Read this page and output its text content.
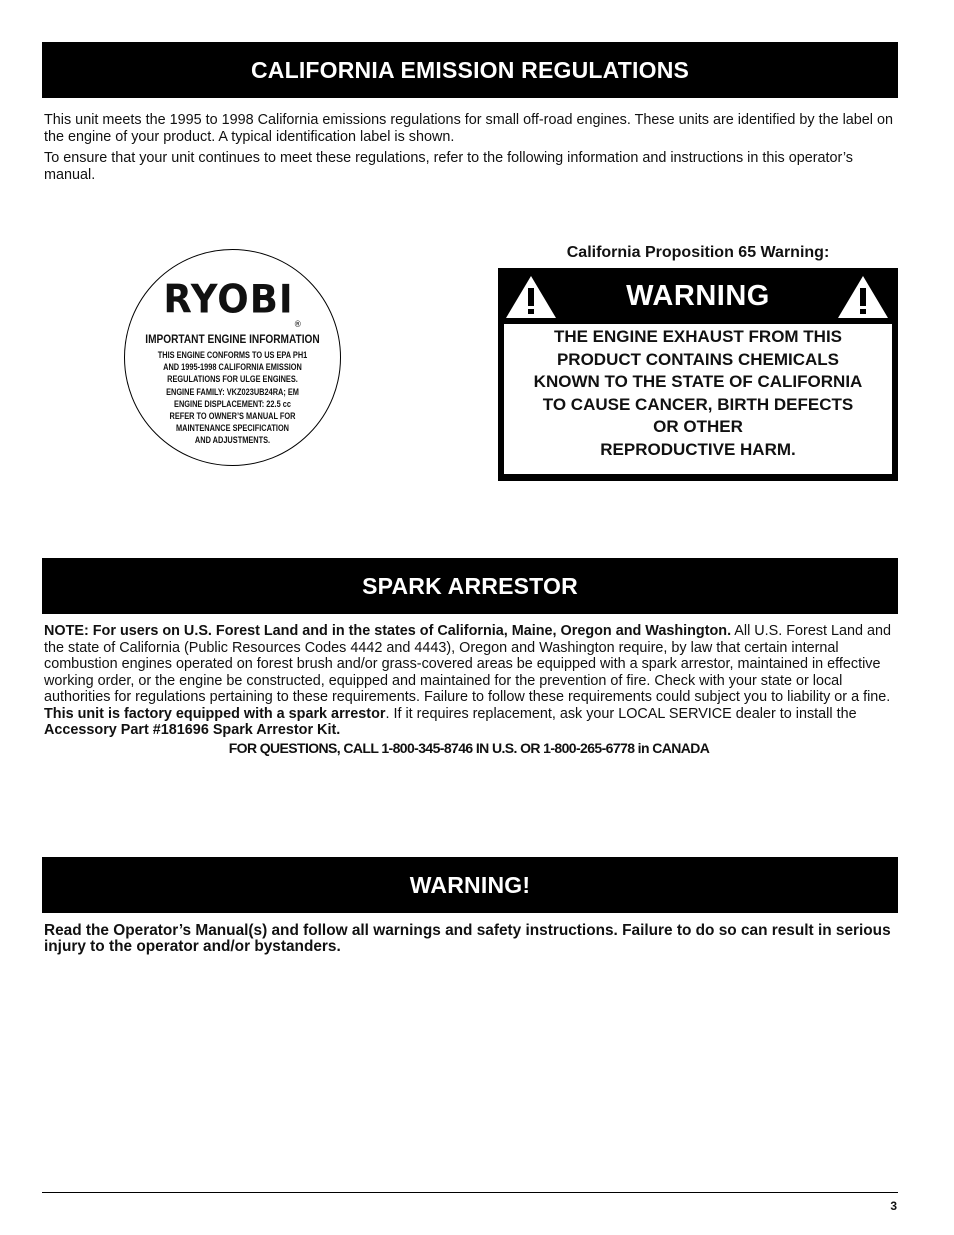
CALIFORNIA EMISSION REGULATIONS

This unit meets the 1995 to 1998 California emissions regulations for small off-road engines. These units are identified by the label on the engine of your product. A typical identification label is shown.

To ensure that your unit continues to meet these regulations, refer to the following information and instructions in this operator’s manual.

RYOBI®
IMPORTANT ENGINE INFORMATION
THIS ENGINE CONFORMS TO US EPA PH1
AND 1995-1998 CALIFORNIA EMISSION
REGULATIONS FOR ULGE ENGINES.
ENGINE FAMILY: VKZ023UB24RA; EM
ENGINE DISPLACEMENT: 22.5 cc
REFER TO OWNER’S MANUAL FOR
MAINTENANCE SPECIFICATION
AND ADJUSTMENTS.
California Proposition 65 Warning:
WARNING
THE ENGINE EXHAUST FROM THIS
PRODUCT CONTAINS CHEMICALS
KNOWN TO THE STATE OF CALIFORNIA
TO CAUSE CANCER, BIRTH DEFECTS
OR OTHER
REPRODUCTIVE HARM.
SPARK ARRESTOR

NOTE: For users on U.S. Forest Land and in the states of California, Maine, Oregon and Washington. All U.S. Forest Land and the state of California (Public Resources Codes 4442 and 4443), Oregon and Washington require, by law that certain internal combustion engines operated on forest brush and/or grass-covered areas be equipped with a spark arrestor, maintained in effective working order, or the engine be constructed, equipped and maintained for the prevention of fire. Check with your state or local authorities for regulations pertaining to these requirements. Failure to follow these requirements could subject you to liability or a fine. This unit is factory equipped with a spark arrestor. If it requires replacement, ask your LOCAL SERVICE dealer to install the Accessory Part #181696 Spark Arrestor Kit.

FOR QUESTIONS, CALL 1-800-345-8746 IN U.S. OR 1-800-265-6778 in CANADA
WARNING!

Read the Operator’s Manual(s) and follow all warnings and safety instructions. Failure to do so can result in serious injury to the operator and/or bystanders.

3
